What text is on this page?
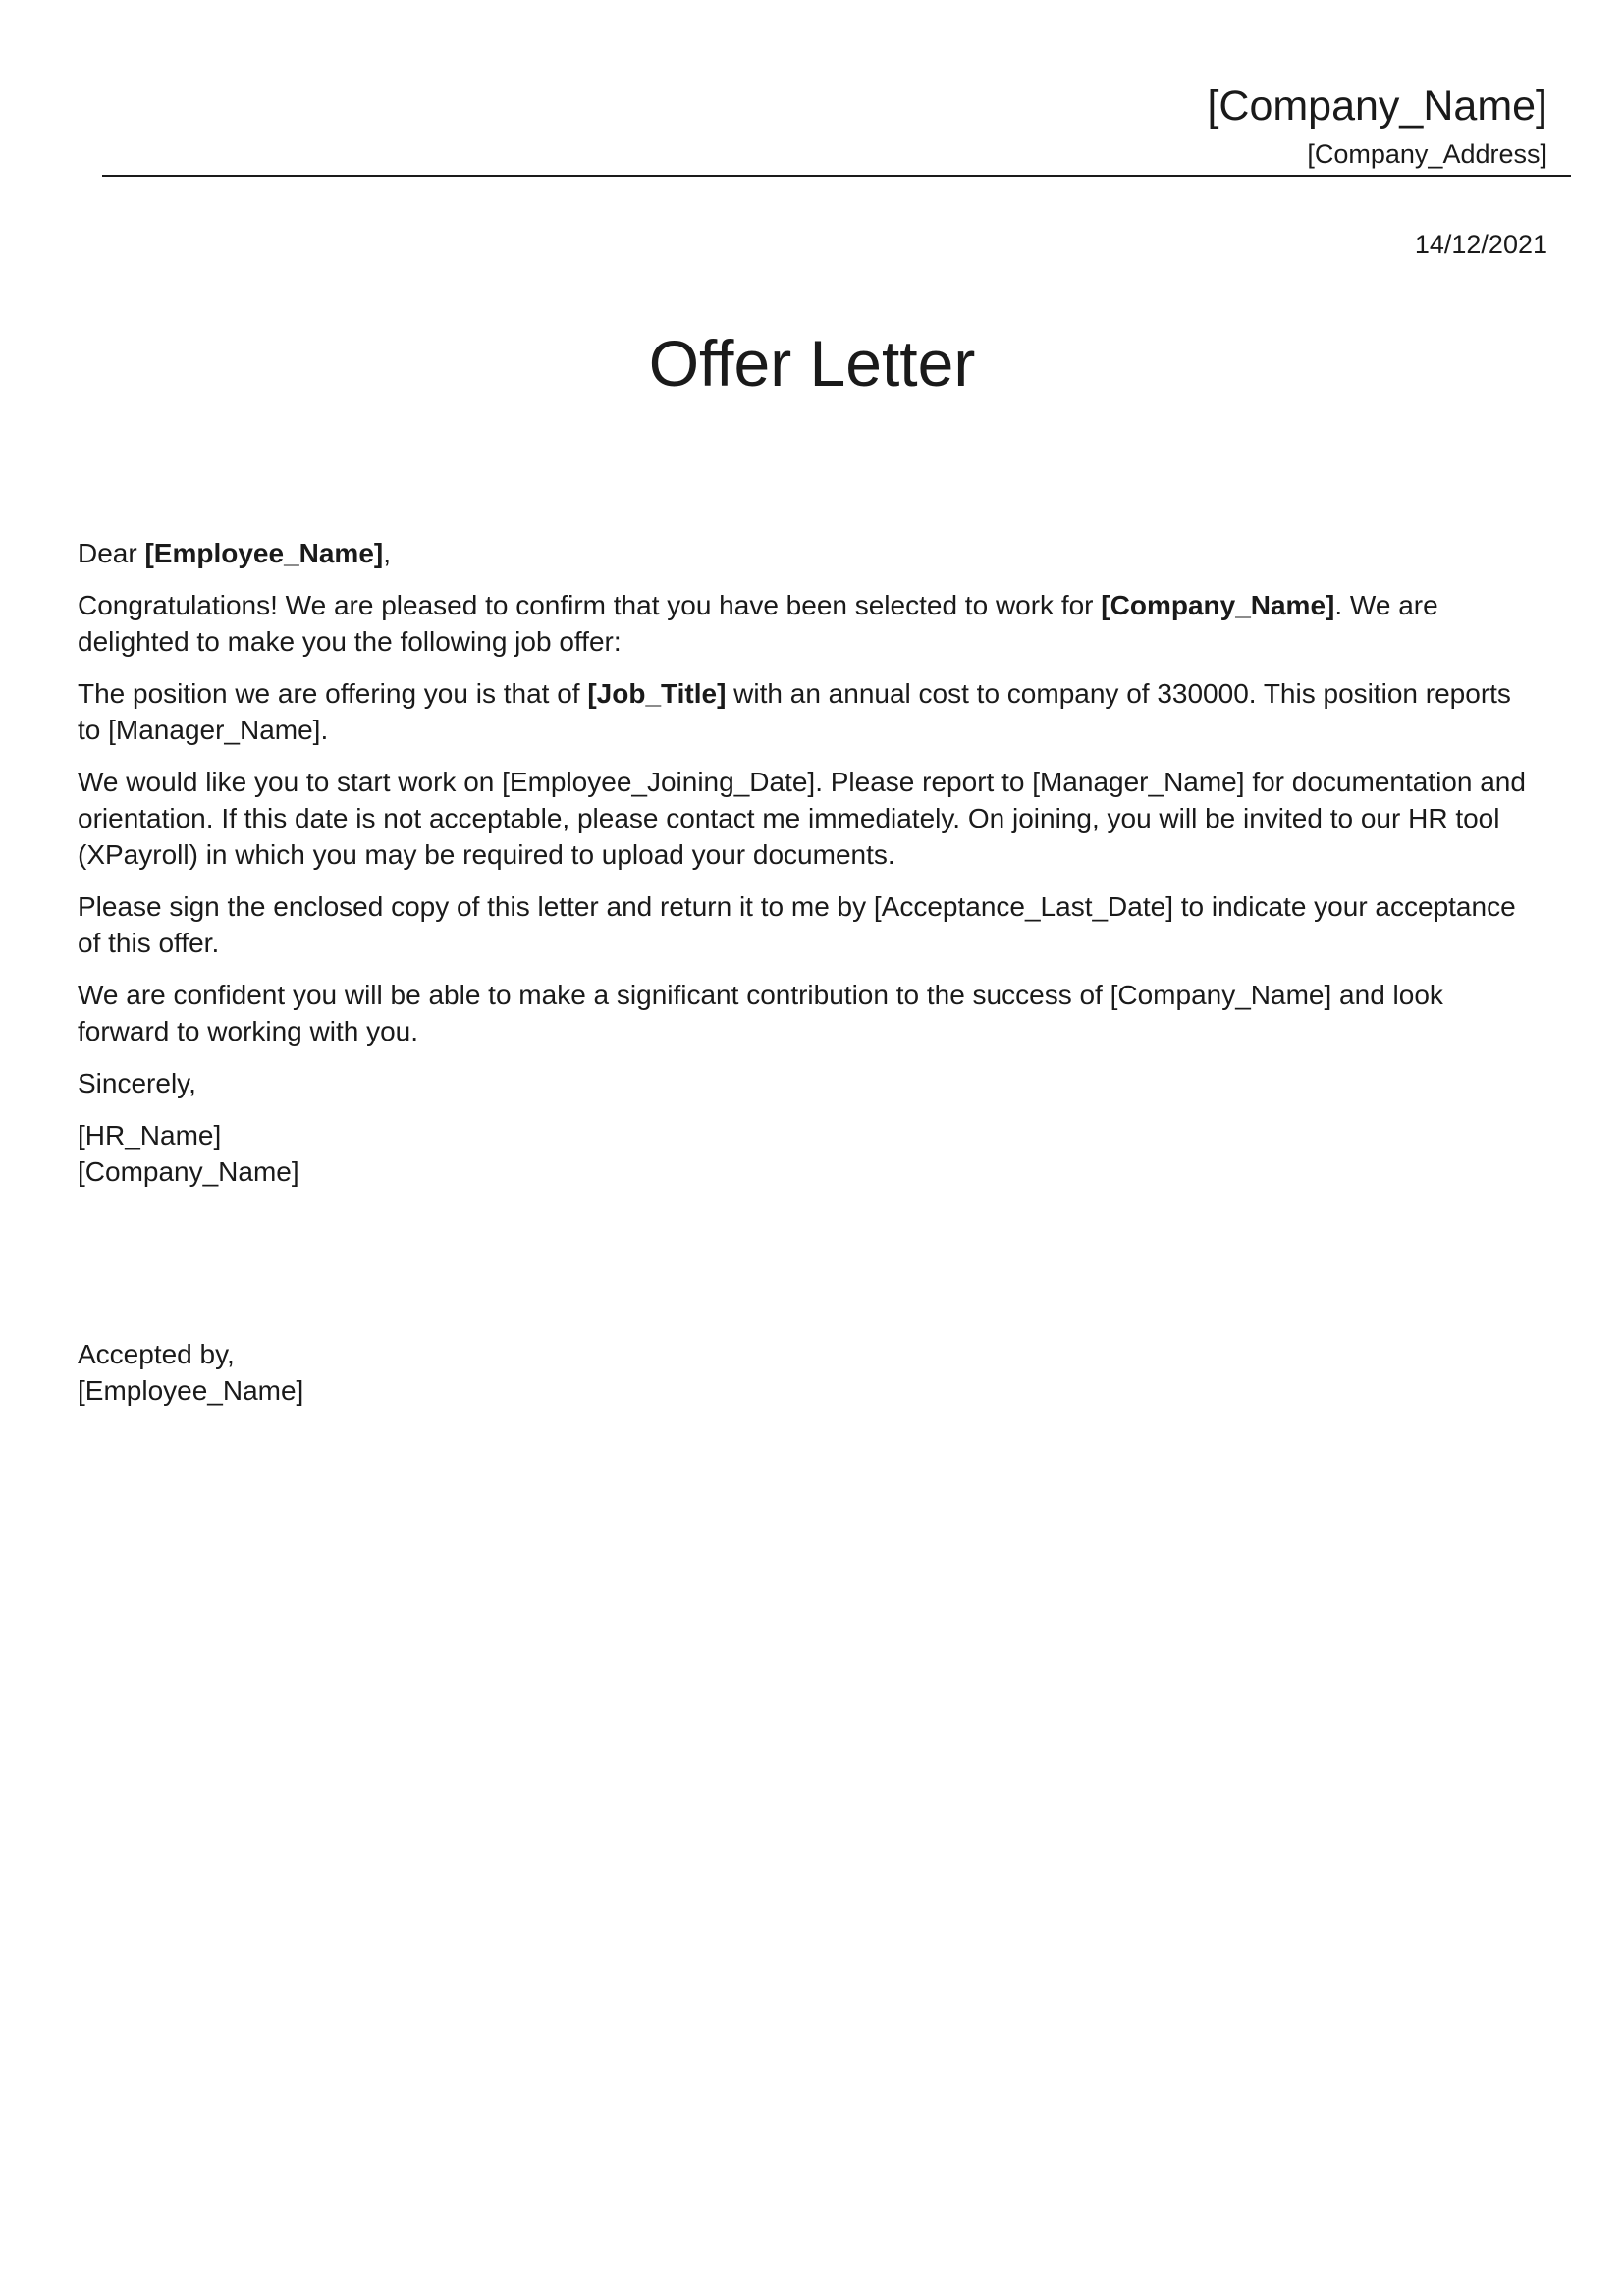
[Company_Name]
[Company_Address]
14/12/2021
Offer Letter

Dear [Employee_Name],

Congratulations! We are pleased to confirm that you have been selected to work for [Company_Name]. We are delighted to make you the following job offer:

The position we are offering you is that of [Job_Title] with an annual cost to company of 330000. This position reports to [Manager_Name].

We would like you to start work on [Employee_Joining_Date]. Please report to [Manager_Name] for documentation and orientation. If this date is not acceptable, please contact me immediately. On joining, you will be invited to our HR tool (XPayroll) in which you may be required to upload your documents.

Please sign the enclosed copy of this letter and return it to me by [Acceptance_Last_Date] to indicate your acceptance of this offer.

We are confident you will be able to make a significant contribution to the success of [Company_Name] and look forward to working with you.

Sincerely,

[HR_Name]
[Company_Name]

Accepted by,
[Employee_Name]
